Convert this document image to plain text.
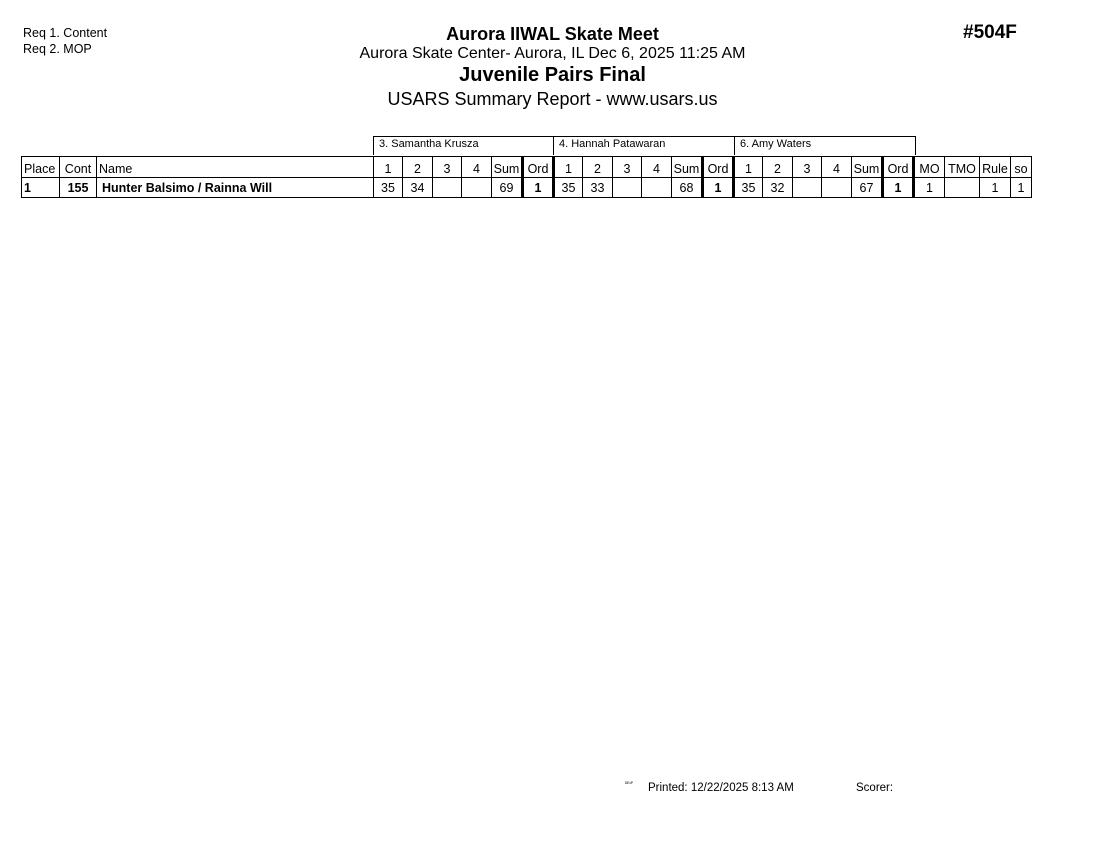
Req 1. Content
Req 2. MOP
#504F
Aurora IIWAL Skate Meet
Aurora Skate Center- Aurora, IL Dec 6, 2025 11:25 AM
Juvenile Pairs Final
USARS Summary Report - www.usars.us
3. Samantha Krusza	4. Hannah Patawaran	6. Amy Waters
Place	Cont	Name	1	2	3	4	Sum	Ord	1	2	3	4	Sum	Ord	1	2	3	4	Sum	Ord	MO	TMO	Rule	so
1	155	Hunter Balsimo / Rainna Will	35	34			69	1	35	33			68	1	35	32			67	1	1		1	1
ᴰᴱ¹ᴾ Printed: 12/22/2025 8:13 AM	Scorer:
